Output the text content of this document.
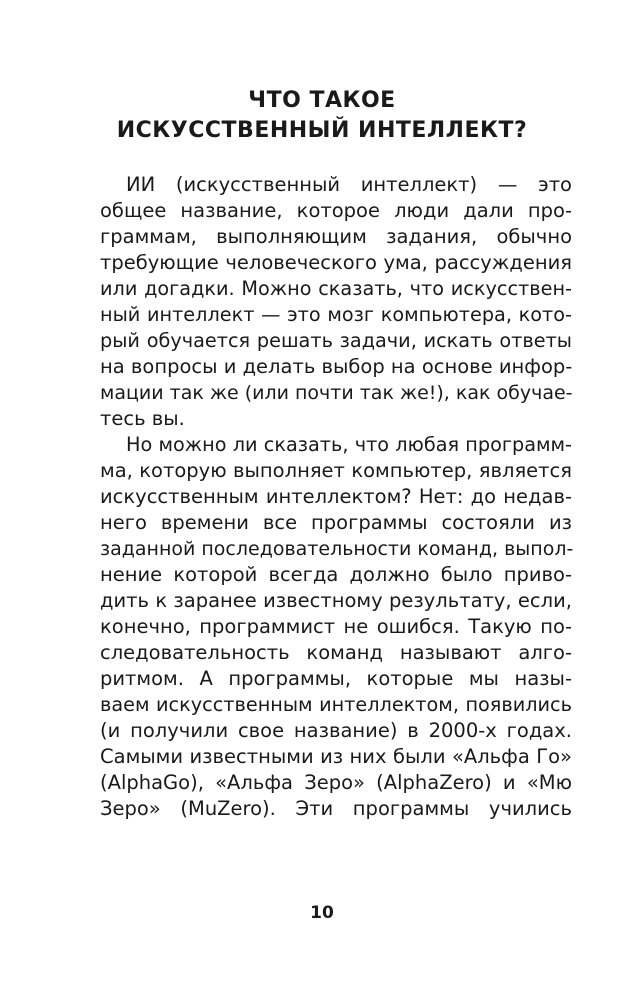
ЧТО ТАКОЕ
ИСКУССТВЕННЫЙ ИНТЕЛЛЕКТ?
ИИ (искусственный интеллект) — это
общее название, которое люди дали про-
граммам, выполняющим задания, обычно
требующие человеческого ума, рассуждения
или догадки. Можно сказать, что искусствен-
ный интеллект — это мозг компьютера, кото-
рый обучается решать задачи, искать ответы
на вопросы и делать выбор на основе инфор-
мации так же (или почти так же!), как обучае-
тесь вы.
Но можно ли сказать, что любая программ-
ма, которую выполняет компьютер, является
искусственным интеллектом? Нет: до недав-
него времени все программы состояли из
заданной последовательности команд, выпол-
нение которой всегда должно было приво-
дить к заранее известному результату, если,
конечно, программист не ошибся. Такую по-
следовательность команд называют алго-
ритмом. А программы, которые мы назы-
ваем искусственным интеллектом, появились
(и получили свое название) в 2000-х годах.
Самыми известными из них были «Альфа Го»
(AlphaGo), «Альфа Зеро» (AlphaZero) и «Мю
Зеро» (MuZero). Эти программы учились
10
